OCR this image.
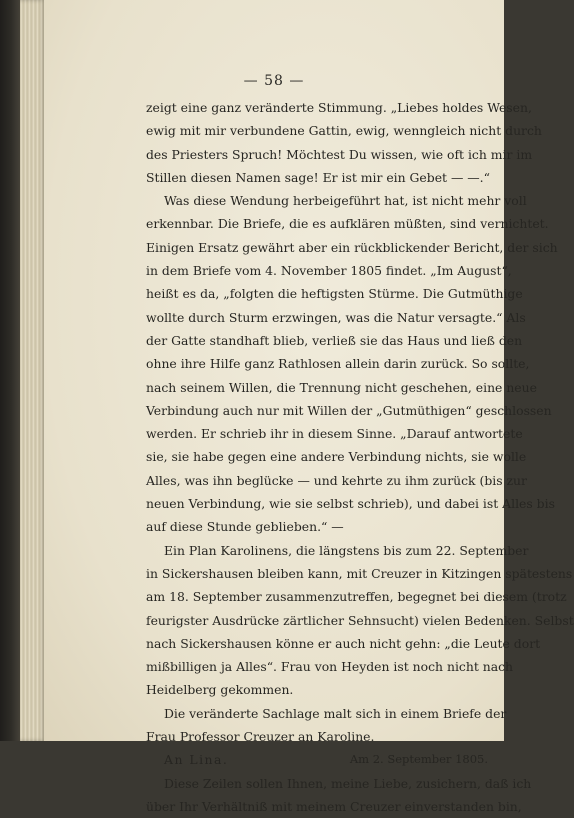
— 58 —
zeigt eine ganz veränderte Stimmung. „Liebes holdes Wesen,
ewig mit mir verbundene Gattin, ewig, wenngleich nicht durch
des Priesters Spruch! Möchtest Du wissen, wie oft ich mir im
Stillen diesen Namen sage! Er ist mir ein Gebet — —.“
Was diese Wendung herbeigeführt hat, ist nicht mehr voll
erkennbar. Die Briefe, die es aufklären müßten, sind vernichtet.
Einigen Ersatz gewährt aber ein rückblickender Bericht, der sich
in dem Briefe vom 4. November 1805 findet. „Im August“,
heißt es da, „folgten die heftigsten Stürme. Die Gutmüthige
wollte durch Sturm erzwingen, was die Natur versagte.“ Als
der Gatte standhaft blieb, verließ sie das Haus und ließ den
ohne ihre Hilfe ganz Rathlosen allein darin zurück. So sollte,
nach seinem Willen, die Trennung nicht geschehen, eine neue
Verbindung auch nur mit Willen der „Gutmüthigen“ geschlossen
werden. Er schrieb ihr in diesem Sinne. „Darauf antwortete
sie, sie habe gegen eine andere Verbindung nichts, sie wolle
Alles, was ihn beglücke — und kehrte zu ihm zurück (bis zur
neuen Verbindung, wie sie selbst schrieb), und dabei ist Alles bis
auf diese Stunde geblieben.“ —
Ein Plan Karolinens, die längstens bis zum 22. September
in Sickershausen bleiben kann, mit Creuzer in Kitzingen spätestens
am 18. September zusammenzutreffen, begegnet bei diesem (trotz
feurigster Ausdrücke zärtlicher Sehnsucht) vielen Bedenken. Selbst
nach Sickershausen könne er auch nicht gehn: „die Leute dort
mißbilligen ja Alles“. Frau von Heyden ist noch nicht nach
Heidelberg gekommen.
Die veränderte Sachlage malt sich in einem Briefe der
Frau Professor Creuzer an Karoline.
An Lina.	Am 2. September 1805.
Diese Zeilen sollen Ihnen, meine Liebe, zusichern, daß ich
über Ihr Verhältniß mit meinem Creuzer einverstanden bin,
